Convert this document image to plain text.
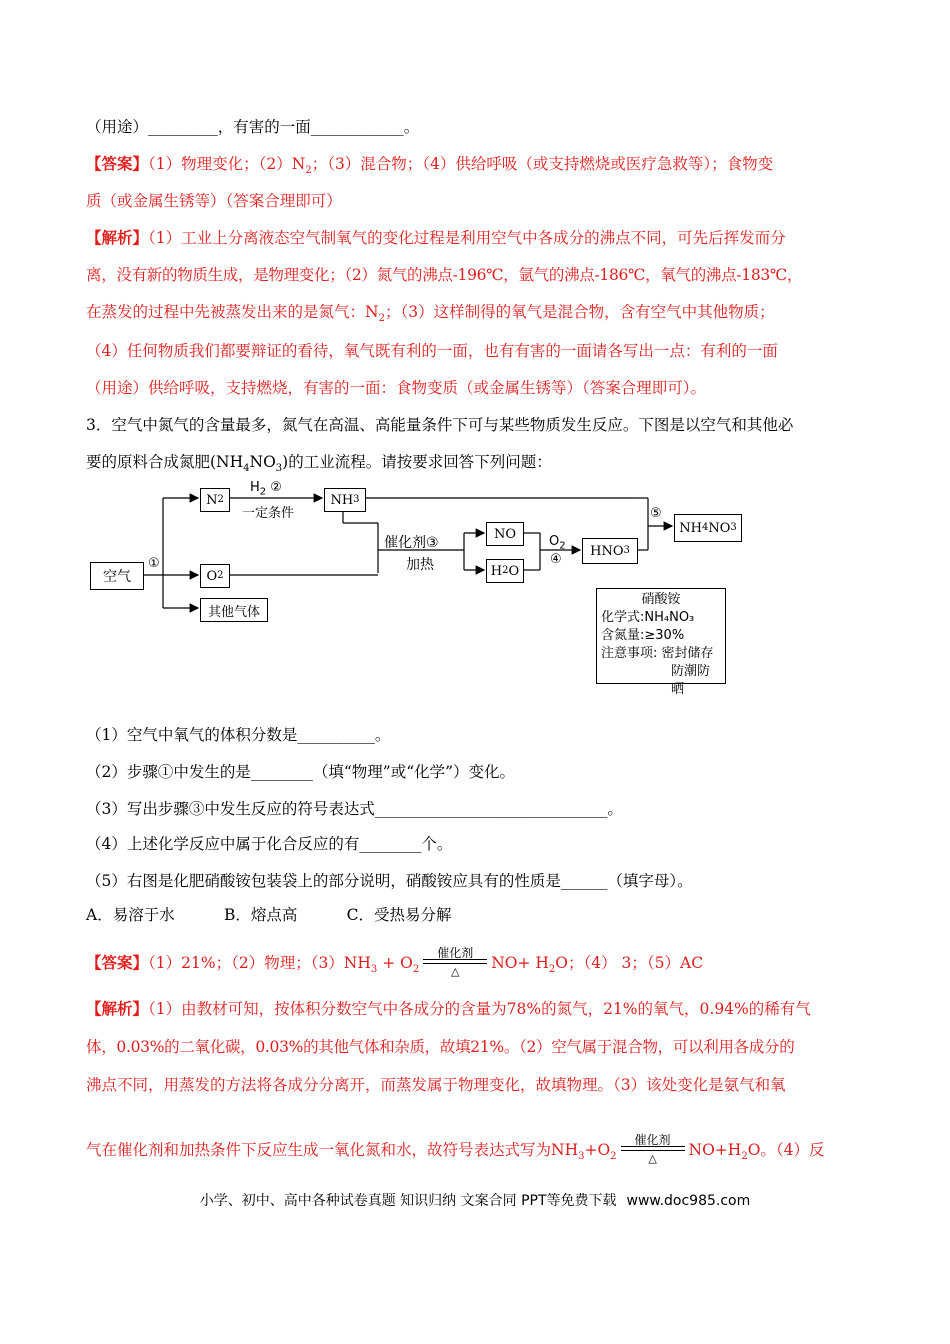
（用途）_________，有害的一面____________。
【答案】（1）物理变化；$(2)N_2$；（3）混合物；（4）供给呼吸（或支持燃烧或医疗急救等）；食物变
质（或金属生锈等）（答案合理即可）
【解析】（1）工业上分离液态空气制氧气的变化过程是利用空气中各成分的沸点不同，可先后挥发而分
离，没有新的物质生成，是物理变化；（2）氮气的沸点-196℃，氩气的沸点-186℃，氧气的沸点-183℃，
在蒸发的过程中先被蒸发出来的是氮气：$N_2$；（3）这样制得的氧气是混合物，含有空气中其他物质；
（4）任何物质我们都要辩证的看待，氧气既有利的一面，也有有害的一面请各写出一点：有利的一面
（用途）供给呼吸，支持燃烧，有害的一面：食物变质（或金属生锈等）（答案合理即可）。
3．空气中氮气的含量最多，氮气在高温、高能量条件下可与某些物质发生反应。下图是以空气和其他必
要的原料合成氮肥$(NH_4NO_3)$的工业流程。请按要求回答下列问题：
空气
①
N 2
O 2
其他气体
$H_2$ ②
一定条件
NH 3
催化剂③
加热
NO
H 2 O
$O_2$
④
HNO 3
⑤
NH 4 NO 3
硝酸铵
化学式:NH₄NO₃
含氮量:≥30%
注意事项: 密封储存
防潮防晒
（1）空气中氧气的体积分数是__________。
（2）步骤①中发生的是________（填“物理”或“化学”）变化。
（3）写出步骤③中发生反应的符号表达式______________________________。
（4）上述化学反应中属于化合反应的有________个。
（5）右图是化肥硝酸铵包装袋上的部分说明，硝酸铵应具有的性质是______（填字母）。
A．易溶于水          B．熔点高          C．受热易分解
【答案】（1）21%；（2）物理；$(3)NH_3 + O_2$
催化剂
△	$NO+ H_2O$；（4） 3；（5）AC
【解析】（1）由教材可知，按体积分数空气中各成分的含量为78%的氮气，21%的氧气，0.94%的稀有气
体，0.03%的二氧化碳，0.03%的其他气体和杂质，故填21%。（2）空气属于混合物，可以利用各成分的
沸点不同，用蒸发的方法将各成分分离开，而蒸发属于物理变化，故填物理。（3）该处变化是氨气和氧
气在催化剂和加热条件下反应生成一氧化氮和水，故符号表达式写为$NH_3+O_2$
催化剂
△	$NO+H_2O$。（4）反
小学、初中、高中各种试卷真题 知识归纳 文案合同 PPT等免费下载 www.doc985.com
